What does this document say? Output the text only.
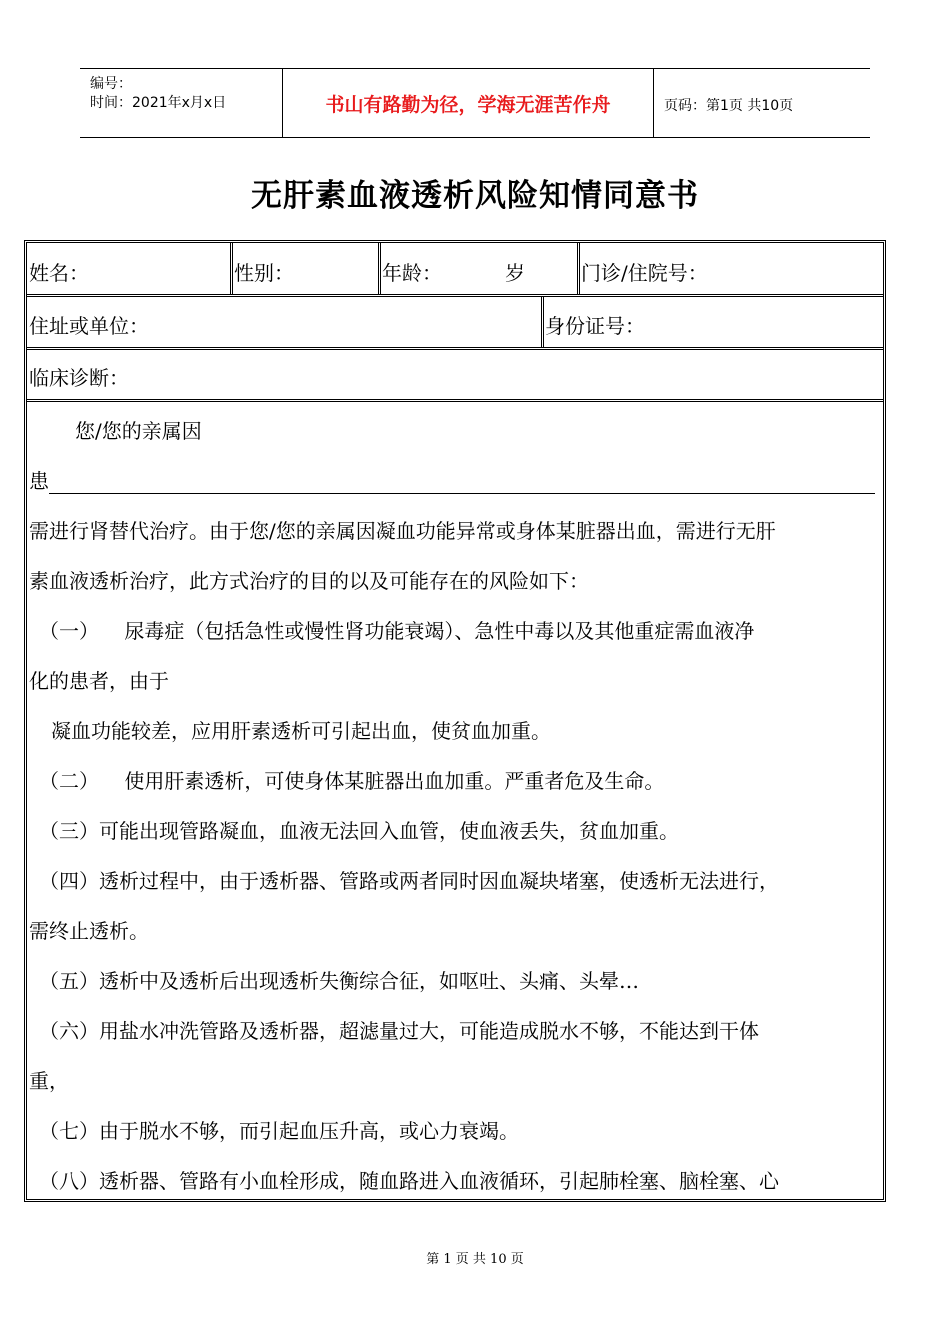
编号：
时间：2021年x月x日	书山有路勤为径，学海无涯苦作舟	页码：第1页 共10页
无肝素血液透析风险知情同意书
姓名：	性别：	年龄：	岁	门诊/住院号：
住址或单位：	身份证号：
临床诊断：
您/您的亲属因
患
需进行肾替代治疗。由于您/您的亲属因凝血功能异常或身体某脏器出血，需进行无肝
素血液透析治疗，此方式治疗的目的以及可能存在的风险如下：
（一）    尿毒症（包括急性或慢性肾功能衰竭）、急性中毒以及其他重症需血液净
化的患者，由于
凝血功能较差，应用肝素透析可引起出血，使贫血加重。
（二）    使用肝素透析，可使身体某脏器出血加重。严重者危及生命。
（三）可能出现管路凝血，血液无法回入血管，使血液丢失，贫血加重。
（四）透析过程中，由于透析器、管路或两者同时因血凝块堵塞，使透析无法进行，
需终止透析。
（五）透析中及透析后出现透析失衡综合征，如呕吐、头痛、头晕…
（六）用盐水冲洗管路及透析器，超滤量过大，可能造成脱水不够，不能达到干体
重，
（七）由于脱水不够，而引起血压升高，或心力衰竭。
（八）透析器、管路有小血栓形成，随血路进入血液循环，引起肺栓塞、脑栓塞、心
第 1 页 共 10 页
